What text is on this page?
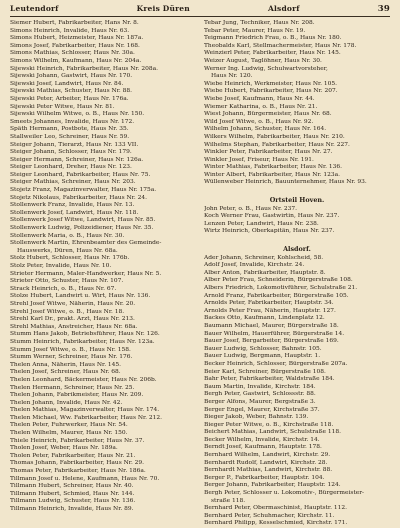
Leutendorf	Kreis Düren	Alsdorf	39
Siemer Hubert, Fabrikarbeiter, Hans Nr. 8.
Simons Heinrich, Invalide, Haus Nr. 63.
Simons Hubert, Heizmeister, Haus Nr. 187a.
Simons Josef, Fabrikarbeiter, Haus Nr. 168.
Simons Mathias, Schlosser, Haus Nr. 30a.
Simons Wilhelm, Kaufmann, Haus Nr. 204a.
Sijewski Heinrich, Fabrikarbeiter, Haus Nr. 208a.
Sijewski Johann, Gastwirt, Haus Nr. 170.
Sijewski Josef, Landwirt, Haus Nr. 84.
Sijewski Mathias, Schuster, Haus Nr. 88.
Sijewski Peter, Arbeiter, Haus Nr. 176a.
Sijewski Peter Witwe, Haus Nr. 81.
Sijewski Wilhelm Witwe, o. B., Haus Nr. 150.
Smeets Johannes, Invalide, Haus Nr. 172.
Späth Hermann, Postbote, Haus Nr. 35.
Stallweiler Leo, Schreiner, Haus Nr. 59.
Steiger Johann, Tierarzt, Haus Nr. 133 VII.
Steiger Johann, Schlosser, Haus Nr. 179.
Steiger Hermann, Schreiner, Haus Nr. 126a.
Steiger Leonhard, Dreher, Haus Nr. 123.
Steiger Leonhard, Fabrikarbeiter, Haus Nr. 75.
Steiger Mathias, Schreiner, Haus Nr. 203.
Stojetz Franz, Magazinverwalter, Haus Nr. 175a.
Stojetz Nikolaus, Fabrikarbeiter, Haus Nr. 24.
Stollenwerk Franz, Invalide, Haus Nr. 13.
Stollenwerk Josef, Landwirt, Haus Nr. 118.
Stollenwerk Josef Witwe, Landwirt, Haus Nr. 85.
Stollenwerk Ludwig, Polizeidiener, Haus Nr. 35.
Stollenwerk Maria, o. B., Haus Nr. 30.
Stollenwerk Martin, Ehrenbeamter des Gemeinde-
Hauswerks, Düren, Haus Nr. 68a.
Stolz Hubert, Schlosser, Haus Nr. 176b.
Stolz Peter, Invalide, Haus Nr. 10.
Strieter Hermann, Maler-Handwerker, Haus Nr. 5.
Strieter Otto, Schuster, Haus Nr. 107.
Strack Heinrich, o. B., Haus Nr. 67.
Stolze Hubert, Landwirt u. Wirt, Haus Nr. 136.
Strehl Josef Witwe, Näherin, Haus Nr. 20.
Strehl Josef Witwe, o. B., Haus Nr. 18.
Strehl Karl Dr., prakt. Arzt, Haus Nr. 213.
Strehl Mathias, Anstreicher, Haus Nr. 68a.
Stumm Hans Jakob, Betriebsführer, Haus Nr. 126.
Stumm Heinrich, Fabrikarbeiter, Haus Nr. 123a.
Stumm Josef Witwe, o. B., Haus Nr. 158.
Stumm Werner, Schreiner, Haus Nr. 176.
Thelen Anna, Näherin, Haus Nr. 145.
Thelen Josef, Schreiner, Haus Nr. 68.
Thelen Leonhard, Bäckermeister, Haus Nr. 206b.
Thelen Hermann, Schreiner, Haus Nr. 25.
Thelen Johann, Fabrikmeister, Haus Nr. 209.
Thelen Johann, Invalide, Haus Nr. 42.
Thelen Mathias, Magazinverwalter, Haus Nr. 174.
Thelen Michael, Ww. Fabrikarbeiter, Haus Nr. 212.
Thelen Peter, Fuhrwerker, Haus Nr. 54.
Thelen Wilhelm, Maurer, Haus Nr. 150.
Thiele Heinrich, Fabrikarbeiter, Haus Nr. 37.
Tholen Josef, Weber, Haus Nr. 189a.
Tholen Peter, Fabrikarbeiter, Haus Nr. 21.
Thomas Johann, Fabrikarbeiter, Haus Nr. 29.
Thomas Peter, Fabrikarbeiter, Haus Nr. 186a.
Tillmann Josef u. Helene, Kaufmann, Haus Nr. 70.
Tillmann Hubert, Schreiner, Haus Nr. 40.
Tillmann Hubert, Schmied, Haus Nr. 144.
Tillmann Ludwig, Schuster, Haus Nr. 136.
Tillmann Heinrich, Invalide, Haus Nr. 89.
Tebar Jung, Techniker, Haus Nr. 208.
Tebar Peter, Maurer, Haus Nr. 19.
Teigmann Friedrich Frau, o. B., Haus Nr. 180.
Theobalds Karl, Stellmachermeister, Haus Nr. 178.
Weinzierl Peter, Fabrikarbeiter, Haus Nr. 145.
Weizer August, Taglöhner, Haus Nr. 30.
Werner Ing. Ludwig, Schulwartvorsteher,
Haus Nr. 120.
Wiebe Heinrich, Werkmeister, Haus Nr. 105.
Wiebe Hubert, Fabrikarbeiter, Haus Nr. 207.
Wiebe Josef, Kaufmann, Haus Nr. 44.
Wiemer Katharina, o. B., Haus Nr. 21.
Wiest Johann, Bürgermeister, Haus Nr. 68.
Wild Josef Witwe, o. B., Haus Nr. 92.
Wilhelm Johann, Schuster, Haus Nr. 164.
Wilkers Wilhelm, Fabrikarbeiter, Haus Nr. 210.
Wilhelms Stephan, Fabrikarbeiter, Haus Nr. 227.
Winkler Peter, Fabrikarbeiter, Haus Nr. 27.
Winkler Josef, Friseur, Haus Nr. 191.
Winter Mathias, Fabrikarbeiter, Haus Nr. 136.
Winter Albert, Fabrikarbeiter, Haus Nr. 123a.
Wüllenweber Heinrich, Bauunternehmer, Haus Nr. 93.
Ortsteil Hoven.
John Peter, o. B., Haus Nr. 237.
Koch Werner Frau, Gastwirtin, Haus Nr. 237.
Lenzen Peter, Landwirt, Haus Nr. 238.
Wirtz Heinrich, Oberkapitän, Haus Nr. 237.
Alsdorf.
Ader Johann, Schreiner, Kohlscheid, 58.
Adolf Josef, Invalide, Kirchstr. 24.
Alber Anton, Fabrikarbeiter, Hauptstr. 8.
Alber Peter Frau, Schneiderin, Bürgerstraße 108.
Albers Friedrich, Lokomotivführer, Schulstraße 21.
Arnold Franz, Fabrikarbeiter, Bürgerstraße 105.
Arnolds Peter, Fabrikarbeiter, Hauptstr. 34.
Arnolds Peter Frau, Näherin, Hauptstr. 127.
Backes Otto, Kaufmann, Lindenplatz 12.
Baumann Michael, Maurer, Bürgerstraße 18.
Bauer Wilhelm, Hauerführer, Bürgerstraße 14.
Bauer Josef, Bergarbeiter, Bürgerstraße 169.
Bauer Ludwig, Schlosser, Bahnstr. 105.
Bauer Ludwig, Bergmann, Hauptstr. 1.
Becker Heinrich, Schlosser, Bürgerstraße 207a.
Beier Karl, Schreiner, Bürgerstraße 108.
Bahr Peter, Fabrikarbeiter, Waldstraße 184.
Baum Martin, Invalide, Kirchstr. 184.
Bergh Peter, Gastwirt, Schlossstr. 88.
Berger Alfons, Maurer, Bergstraße 3.
Berger Engel, Maurer, Kirchstraße 37.
Bieger Jakob, Weber, Bahnstr. 139.
Bieger Peter Witwe, o. B., Kirchstraße 118.
Beichert Mathias, Landwirt, Schulstraße 118.
Becker Wilhelm, Invalide, Kirchstr. 14.
Berndt Josef, Kaufmann, Hauptstr. 178.
Bernhard Wilhelm, Landwirt, Kirchstr. 29.
Bernhardt Rudolf, Landwirt, Kirchstr. 28.
Bernhardt Mathias, Landwirt, Kirchstr. 88.
Berger P., Fabrikarbeiter, Hauptstr. 104.
Berger Johann, Fabrikarbeiter, Hauptstr. 124.
Bergh Peter, Schlosser u. Lokomotiv-, Bürgermeister-
straße 118.
Bernhard Peter, Obermaschinist, Hauptstr. 112.
Bernhard Peter, Schuhmacher, Kirchstr. 11.
Bernhard Philipp, Kesselschmied, Kirchstr. 171.
